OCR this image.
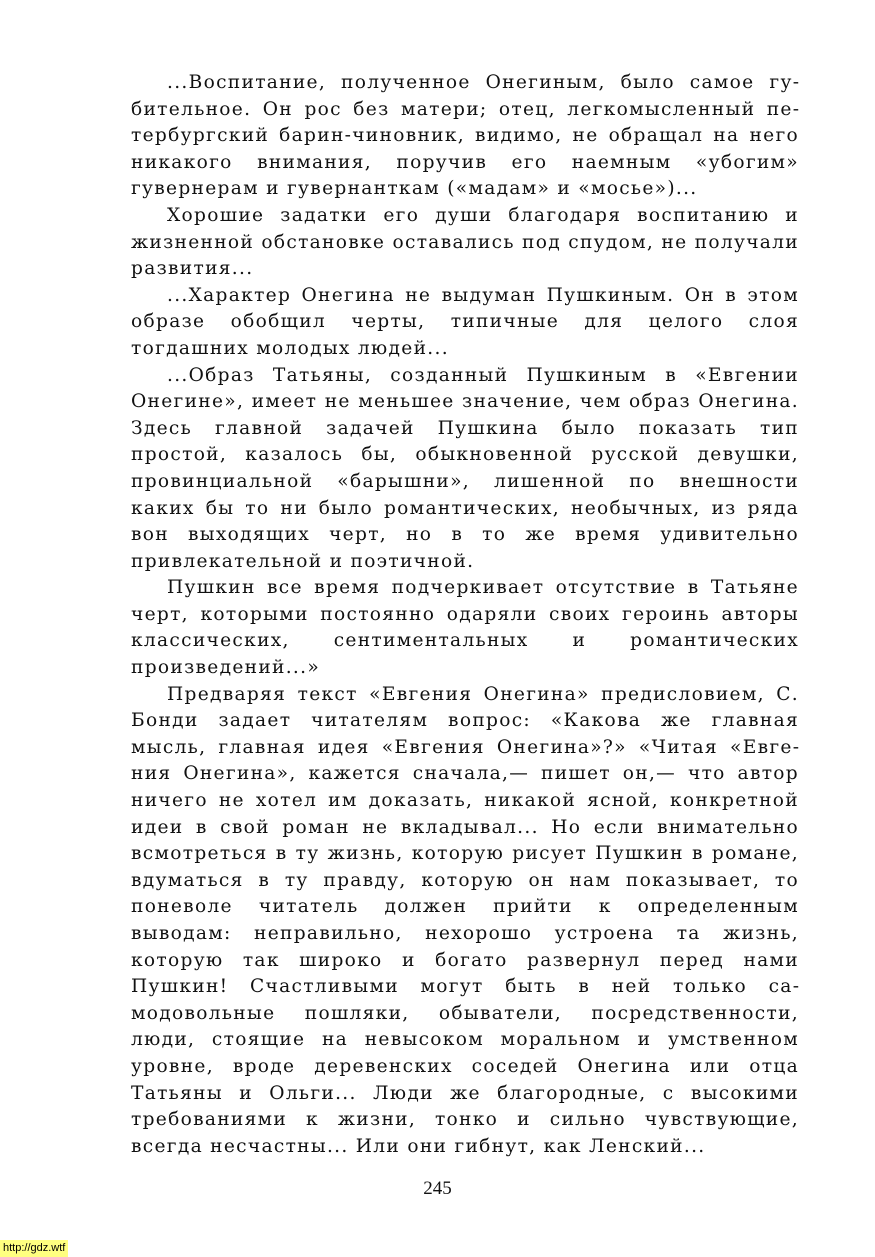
...Воспитание, полученное Онегиным, было самое губительное. Он рос без матери; отец, легкомысленный петербургский барин-чиновник, видимо, не обращал на него никакого внимания, поручив его наемным «убогим» гувернерам и гувернанткам («мадам» и «мосье»)...

Хорошие задатки его души благодаря воспитанию и жизненной обстановке оставались под спудом, не получали развития...

...Характер Онегина не выдуман Пушкиным. Он в этом образе обобщил черты, типичные для целого слоя тогдашних молодых людей...

...Образ Татьяны, созданный Пушкиным в «Евгении Онегине», имеет не меньшее значение, чем образ Онегина. Здесь главной задачей Пушкина было показать тип простой, казалось бы, обыкновенной русской девушки, провинциальной «барышни», лишенной по внешности каких бы то ни было романтических, необычных, из ряда вон выходящих черт, но в то же время удивительно привлекательной и поэтичной.

Пушкин все время подчеркивает отсутствие в Татьяне черт, которыми постоянно одаряли своих героинь авторы классических, сентиментальных и романтических произведений...»

Предваряя текст «Евгения Онегина» предисловием, С. Бонди задает читателям вопрос: «Какова же главная мысль, главная идея «Евгения Онегина»?» «Читая «Евгения Онегина», кажется сначала,— пишет он,— что автор ничего не хотел им доказать, никакой ясной, конкретной идеи в свой роман не вкладывал... Но если внимательно всмотреться в ту жизнь, которую рисует Пушкин в романе, вдуматься в ту правду, которую он нам показывает, то поневоле читатель должен прийти к определенным выводам: неправильно, нехорошо устроена та жизнь, которую так широко и богато развернул перед нами Пушкин! Счастливыми могут быть в ней только самодовольные пошляки, обыватели, посредственности, люди, стоящие на невысоком моральном и умственном уровне, вроде деревенских соседей Онегина или отца Татьяны и Ольги... Люди же благородные, с высокими требованиями к жизни, тонко и сильно чувствующие, всегда несчастны... Или они гибнут, как Ленский...

245
http://gdz.wtf
